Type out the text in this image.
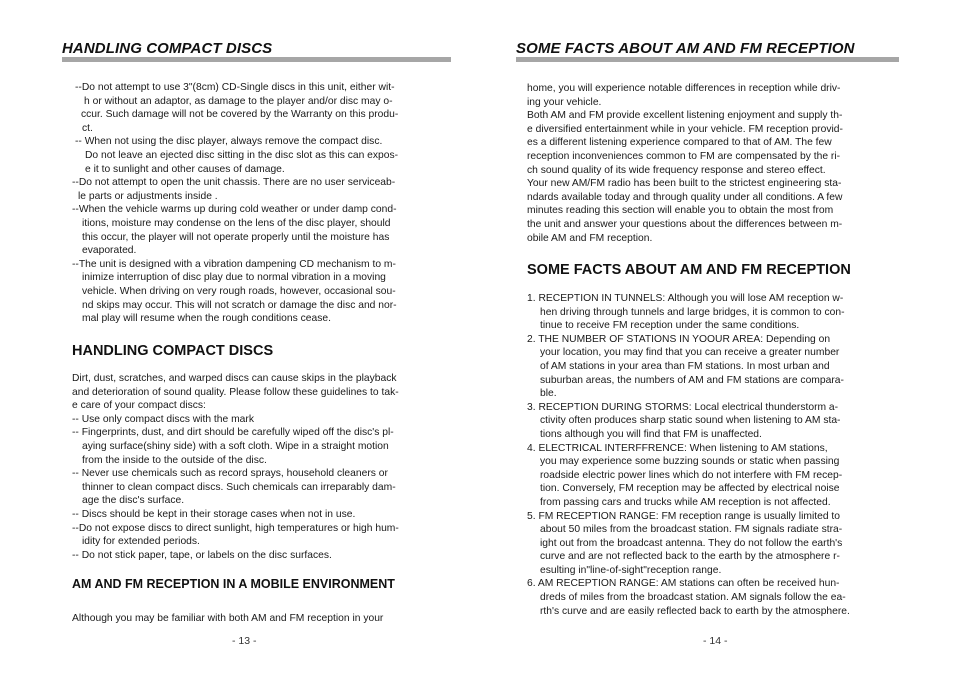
HANDLING COMPACT DISCS
--Do not attempt to use 3"(8cm) CD-Single discs in this unit, either wit-
h or without an adaptor, as damage to the player and/or disc may o-
ccur. Such damage will not be covered by the Warranty on this produ-
ct.
-- When not using the disc player, always remove the compact disc.
Do not leave an ejected disc sitting in the disc slot as this can expos-
e it to sunlight and other causes of damage.
--Do not attempt to open the unit chassis. There are no user serviceab-
le parts or adjustments inside .
--When the vehicle warms up during cold weather or under damp cond-
itions, moisture may condense on the lens of the disc player, should
this occur, the player will not operate properly until the moisture has
evaporated.
--The unit is designed with a vibration dampening CD mechanism to m-
inimize interruption of disc play due to normal vibration in a moving
vehicle. When driving on very rough roads, however, occasional sou-
nd skips may occur. This will not scratch or damage the disc and nor-
mal play will resume when the rough conditions cease.
HANDLING COMPACT DISCS
Dirt, dust, scratches, and warped discs can cause skips in the playback
and deterioration of sound quality. Please follow these guidelines to tak-
e care of your compact discs:
-- Use only compact discs with the mark
-- Fingerprints, dust, and dirt should be carefully wiped off the disc's pl-
aying surface(shiny side) with a soft cloth. Wipe in a straight motion
from the inside to the outside of the disc.
-- Never use chemicals such as record sprays, household cleaners or
thinner to clean compact discs. Such chemicals can irreparably dam-
age the disc's surface.
-- Discs should be kept in their storage cases when not in use.
--Do not expose discs to direct sunlight, high temperatures or high hum-
idity for extended periods.
-- Do not stick paper, tape, or labels on the disc surfaces.
AM AND FM RECEPTION IN A MOBILE ENVIRONMENT
Although you may be familiar with both AM and FM reception in your
- 13 -
SOME FACTS ABOUT AM AND FM RECEPTION
home, you will experience notable differences in reception while driv-
ing your vehicle.
Both AM and FM provide excellent listening enjoyment and supply th-
e diversified entertainment while in your vehicle. FM reception provid-
es a different listening experience compared to that of AM. The few
reception inconveniences common to FM are compensated by the ri-
ch sound quality of its wide frequency response and stereo effect.
Your new AM/FM radio has been built to the strictest engineering sta-
ndards available today and through quality under all conditions. A few
minutes reading this section will enable you to obtain the most from
the unit and answer your questions about the differences between m-
obile AM and FM reception.
SOME FACTS ABOUT AM AND FM RECEPTION
1. RECEPTION IN TUNNELS: Although you will lose AM reception w-
hen driving through tunnels and large bridges, it is common to con-
tinue to receive FM reception under the same conditions.
2. THE NUMBER OF STATIONS IN YOOUR AREA: Depending on
your location, you may find that you can receive a greater number
of AM stations in your area than FM stations. In most urban and
suburban areas, the numbers of AM and FM stations are compara-
ble.
3. RECEPTION DURING STORMS: Local electrical thunderstorm a-
ctivity often produces sharp static sound when listening to AM sta-
tions although you will find that FM is unaffected.
4. ELECTRICAL INTERFFRENCE: When listening to AM stations,
you may experience some buzzing sounds or static when passing
roadside electric power lines which do not interfere with FM recep-
tion. Conversely, FM reception may be affected by electrical noise
from passing cars and trucks while AM reception is not affected.
5. FM RECEPTION RANGE: FM reception range is usually limited to
about 50 miles from the broadcast station. FM signals radiate stra-
ight out from the broadcast antenna. They do not follow the earth's
curve and are not reflected back to the earth by the atmosphere r-
esulting in"line-of-sight"reception range.
6. AM RECEPTION RANGE: AM stations can often be received hun-
dreds of miles from the broadcast station. AM signals follow the ea-
rth's curve and are easily reflected back to earth by the atmosphere.
- 14 -
